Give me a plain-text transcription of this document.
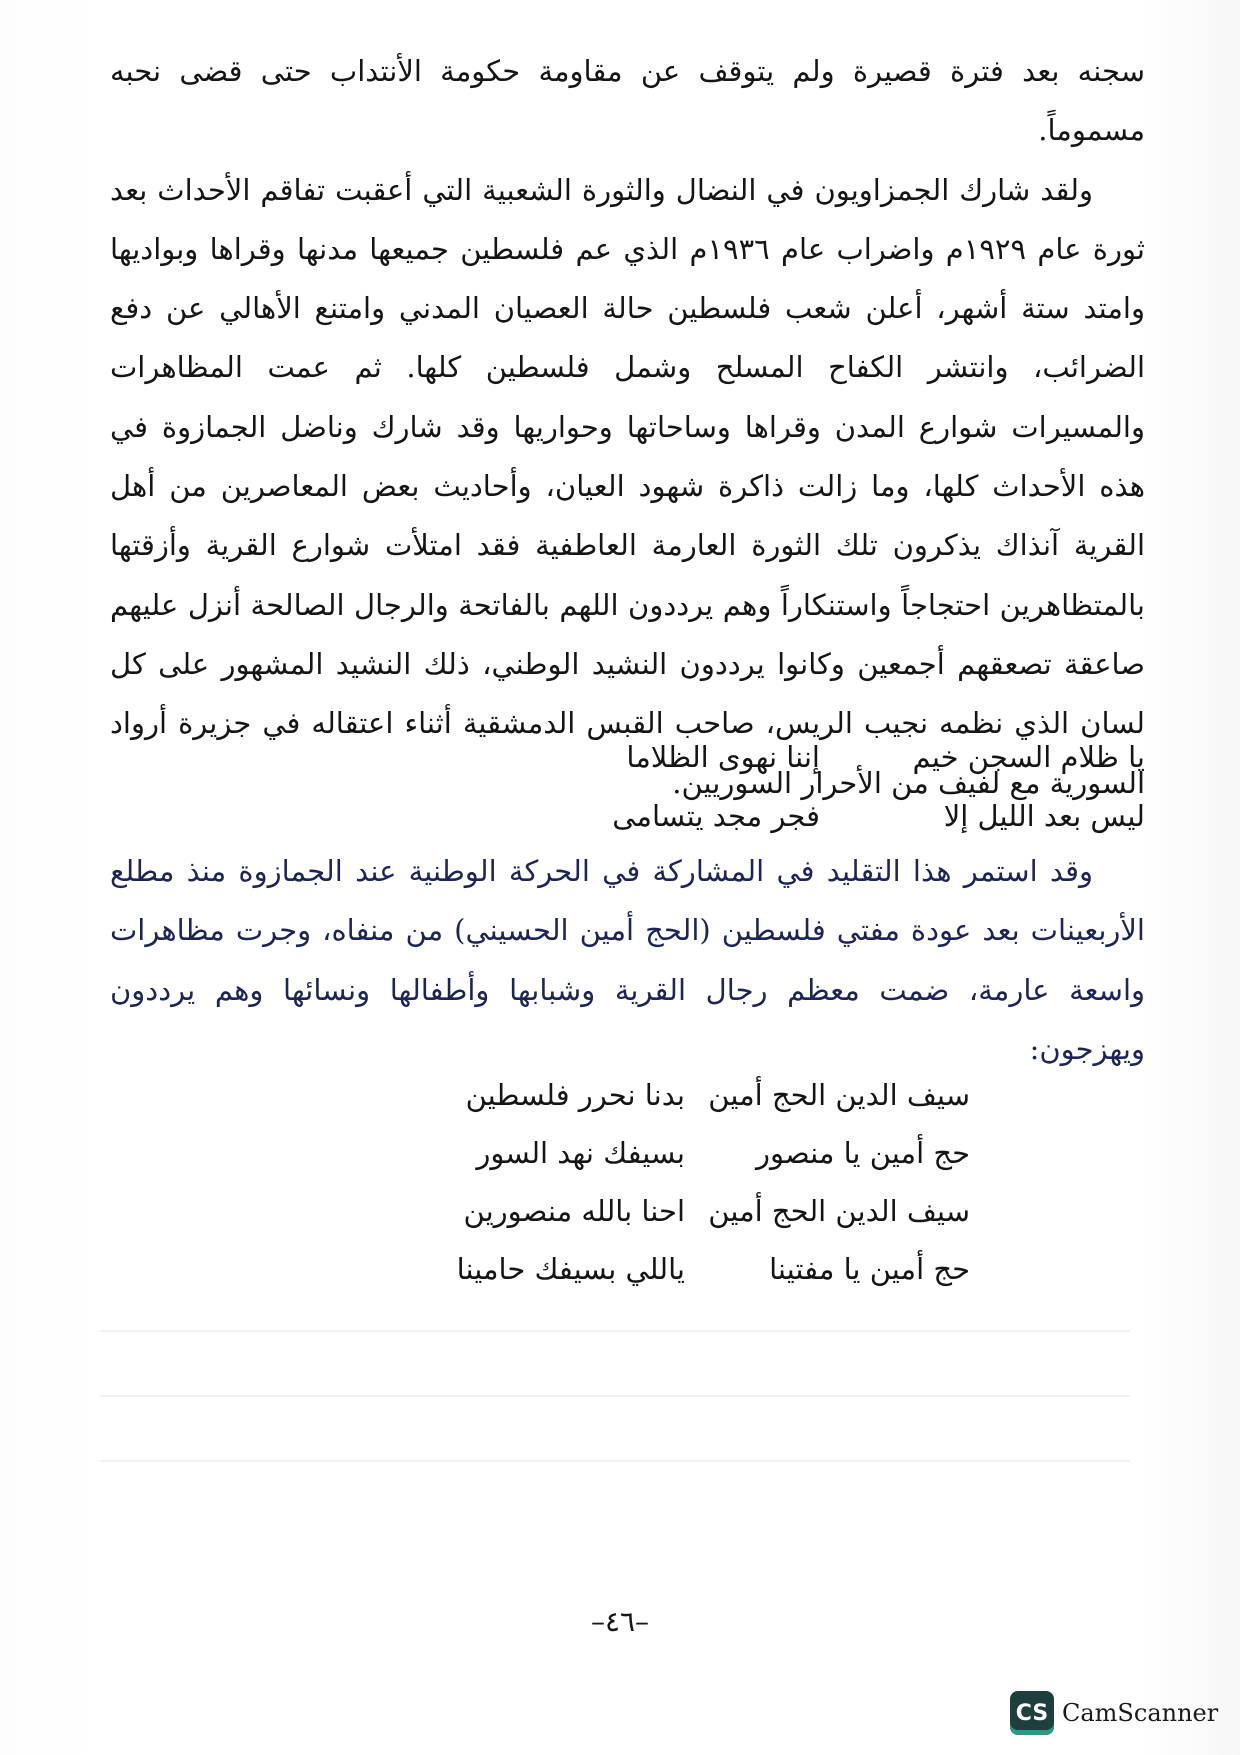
سجنه بعد فترة قصيرة ولم يتوقف عن مقاومة حكومة الأنتداب حتى قضى نحبه مسموماً.

ولقد شارك الجمزاويون في النضال والثورة الشعبية التي أعقبت تفاقم الأحداث بعد ثورة عام ١٩٢٩م واضراب عام ١٩٣٦م الذي عم فلسطين جميعها مدنها وقراها وبواديها وامتد ستة أشهر، أعلن شعب فلسطين حالة العصيان المدني وامتنع الأهالي عن دفع الضرائب، وانتشر الكفاح المسلح وشمل فلسطين كلها. ثم عمت المظاهرات والمسيرات شوارع المدن وقراها وساحاتها وحواريها وقد شارك وناضل الجمازوة في هذه الأحداث كلها، وما زالت ذاكرة شهود العيان، وأحاديث بعض المعاصرين من أهل القرية آنذاك يذكرون تلك الثورة العارمة العاطفية فقد امتلأت شوارع القرية وأزقتها بالمتظاهرين احتجاجاً واستنكاراً وهم يرددون اللهم بالفاتحة والرجال الصالحة أنزل عليهم صاعقة تصعقهم أجمعين وكانوا يرددون النشيد الوطني، ذلك النشيد المشهور على كل لسان الذي نظمه نجيب الريس، صاحب القبس الدمشقية أثناء اعتقاله في جزيرة أرواد السورية مع لفيف من الأحرار السوريين.

يا ظلام السجن خيم
إننا نهوى الظلاما
ليس بعد الليل إلا
فجر مجد يتسامى

وقد استمر هذا التقليد في المشاركة في الحركة الوطنية عند الجمازوة منذ مطلع الأربعينات بعد عودة مفتي فلسطين (الحج أمين الحسيني) من منفاه، وجرت مظاهرات واسعة عارمة، ضمت معظم رجال القرية وشبابها وأطفالها ونسائها وهم يرددون ويهزجون:

سيف الدين الحج أمين
بدنا نحرر فلسطين
حج أمين يا منصور
بسيفك نهد السور
سيف الدين الحج أمين
احنا بالله منصورين
حج أمين يا مفتينا
ياللي بسيفك حامينا
–٤٦–
CS CamScanner
